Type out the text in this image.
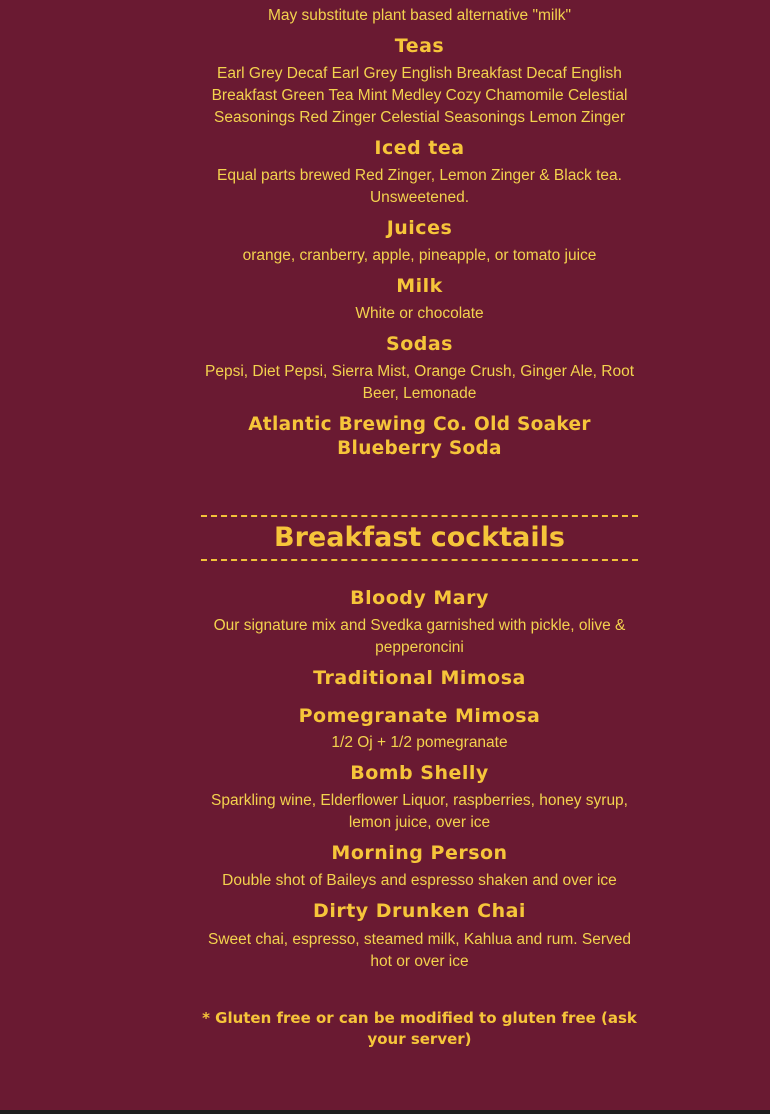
May substitute plant based alternative "milk"

Teas

Earl Grey Decaf Earl Grey English Breakfast Decaf English Breakfast Green Tea Mint Medley Cozy Chamomile Celestial Seasonings Red Zinger Celestial Seasonings Lemon Zinger

Iced tea

Equal parts brewed Red Zinger, Lemon Zinger & Black tea. Unsweetened.

Juices

orange, cranberry, apple, pineapple, or tomato juice

Milk

White or chocolate

Sodas

Pepsi, Diet Pepsi, Sierra Mist, Orange Crush, Ginger Ale, Root Beer, Lemonade

Atlantic Brewing Co. Old Soaker Blueberry Soda
Breakfast cocktails
Bloody Mary

Our signature mix and Svedka garnished with pickle, olive & pepperoncini

Traditional Mimosa
Pomegranate Mimosa

1/2 Oj + 1/2 pomegranate

Bomb Shelly

Sparkling wine, Elderflower Liquor, raspberries, honey syrup, lemon juice, over ice

Morning Person

Double shot of Baileys and espresso shaken and over ice

Dirty Drunken Chai

Sweet chai, espresso, steamed milk, Kahlua and rum. Served hot or over ice

* Gluten free or can be modified to gluten free (ask your server)
